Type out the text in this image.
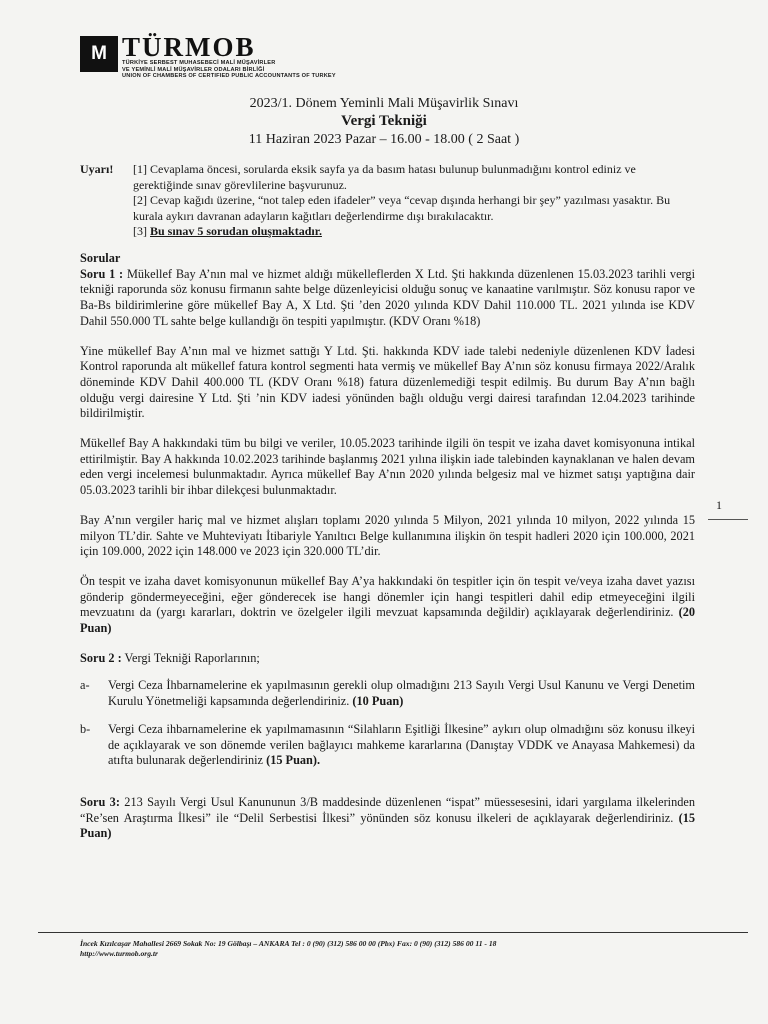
M TÜRMOB
TÜRKİYE SERBEST MUHASEBECİ MALİ MÜŞAVİRLER
VE YEMİNLİ MALİ MÜŞAVİRLER ODALARI BİRLİĞİ
UNION OF CHAMBERS OF CERTIFIED PUBLIC ACCOUNTANTS OF TURKEY
2023/1. Dönem Yeminli Mali Müşavirlik Sınavı
Vergi Tekniği
11 Haziran 2023 Pazar – 16.00 - 18.00 ( 2 Saat )
Uyarı! [1] Cevaplama öncesi, sorularda eksik sayfa ya da basım hatası bulunup bulunmadığını kontrol ediniz ve gerektiğinde sınav görevlilerine başvurunuz.

[2] Cevap kağıdı üzerine, “not talep eden ifadeler” veya “cevap dışında herhangi bir şey” yazılması yasaktır. Bu kurala aykırı davranan adayların kağıtları değerlendirme dışı bırakılacaktır.

[3] Bu sınav 5 sorudan oluşmaktadır.

Sorular

Soru 1 : Mükellef Bay A’nın mal ve hizmet aldığı mükelleflerden X Ltd. Şti hakkında düzenlenen 15.03.2023 tarihli vergi tekniği raporunda söz konusu firmanın sahte belge düzenleyicisi olduğu sonuç ve kanaatine varılmıştır. Söz konusu rapor ve Ba-Bs bildirimlerine göre mükellef Bay A, X Ltd. Şti ’den 2020 yılında KDV Dahil 110.000 TL. 2021 yılında ise KDV Dahil 550.000 TL sahte belge kullandığı ön tespiti yapılmıştır. (KDV Oranı %18)

Yine mükellef Bay A’nın mal ve hizmet sattığı Y Ltd. Şti. hakkında KDV iade talebi nedeniyle düzenlenen KDV İadesi Kontrol raporunda alt mükellef fatura kontrol segmenti hata vermiş ve mükellef Bay A’nın söz konusu firmaya 2022/Aralık döneminde KDV Dahil 400.000 TL (KDV Oranı %18) fatura düzenlemediği tespit edilmiş. Bu durum Bay A’nın bağlı olduğu vergi dairesine Y Ltd. Şti ’nin KDV iadesi yönünden bağlı olduğu vergi dairesi tarafından 12.04.2023 tarihinde bildirilmiştir.

Mükellef Bay A hakkındaki tüm bu bilgi ve veriler, 10.05.2023 tarihinde ilgili ön tespit ve izaha davet komisyonuna intikal ettirilmiştir. Bay A hakkında 10.02.2023 tarihinde başlanmış 2021 yılına ilişkin iade talebinden kaynaklanan ve halen devam eden vergi incelemesi bulunmaktadır. Ayrıca mükellef Bay A’nın 2020 yılında belgesiz mal ve hizmet satışı yaptığına dair 05.03.2023 tarihli bir ihbar dilekçesi bulunmaktadır.

Bay A’nın vergiler hariç mal ve hizmet alışları toplamı 2020 yılında 5 Milyon, 2021 yılında 10 milyon, 2022 yılında 15 milyon TL’dir. Sahte ve Muhteviyatı İtibariyle Yanıltıcı Belge kullanımına ilişkin ön tespit hadleri 2020 için 100.000, 2021 için 109.000, 2022 için 148.000 ve 2023 için 320.000 TL’dir.

Ön tespit ve izaha davet komisyonunun mükellef Bay A’ya hakkındaki ön tespitler için ön tespit ve/veya izaha davet yazısı gönderip göndermeyeceğini, eğer gönderecek ise hangi dönemler için hangi tespitleri dahil edip etmeyeceğini ilgili mevzuatını da (yargı kararları, doktrin ve özelgeler ilgili mevzuat kapsamında değildir) açıklayarak değerlendiriniz. (20 Puan)

Soru 2 : Vergi Tekniği Raporlarının;

a-	Vergi Ceza İhbarnamelerine ek yapılmasının gerekli olup olmadığını 213 Sayılı Vergi Usul Kanunu ve Vergi Denetim Kurulu Yönetmeliği kapsamında değerlendiriniz. (10 Puan)
b-	Vergi Ceza ihbarnamelerine ek yapılmamasının “Silahların Eşitliği İlkesine” aykırı olup olmadığını söz konusu ilkeyi de açıklayarak ve son dönemde verilen bağlayıcı mahkeme kararlarına (Danıştay VDDK ve Anayasa Mahkemesi) da atıfta bulunarak değerlendiriniz (15 Puan).

Soru 3: 213 Sayılı Vergi Usul Kanununun 3/B maddesinde düzenlenen “ispat” müessesesini, idari yargılama ilkelerinden “Re’sen Araştırma İlkesi” ile “Delil Serbestisi İlkesi” yönünden söz konusu ilkeleri de açıklayarak değerlendiriniz. (15 Puan)

1
İncek Kızılcaşar Mahallesi 2669 Sokak No: 19 Gölbaşı – ANKARA Tel : 0 (90) (312) 586 00 00 (Pbx) Fax: 0 (90) (312) 586 00 11 - 18
http://www.turmob.org.tr
